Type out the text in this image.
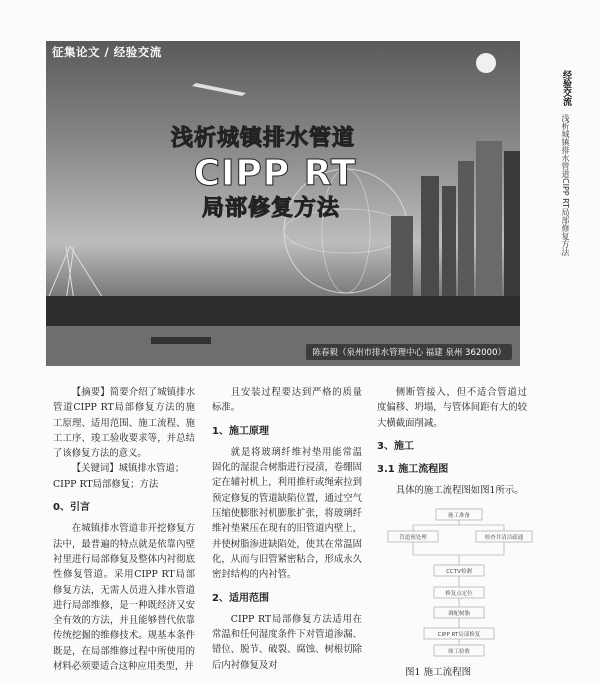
征集论文 / 经验交流
浅析城镇排水管道
CIPP RT
局部修复方法
陈春毅（泉州市排水管理中心 福建 泉州 362000）
经验交流
浅析城镇排水管道CIPP RT局部修复方法

【摘要】简要介绍了城镇排水管道CIPP RT局部修复方法的施工原理、适用范围、施工流程、施工工序、竣工验收要求等，并总结了该修复方法的意义。

【关键词】城镇排水管道；CIPP RT局部修复；方法

0、引言

在城镇排水管道非开挖修复方法中，最普遍的特点就是依靠內壁衬里进行局部修复及整体内衬彻底性修复管道。采用CIPP RT局部修复方法，无需人员进入排水管道进行局部维修，是一种既经济又安全有效的方法，并且能够替代依靠传统挖掘的维修技术。规基本条件既是，在局部维修过程中所使用的材料必须要适合这种应用类型，并

且安装过程要达到严格的质量标准。

1、施工原理

就是将玻璃纤维衬垫用能常温固化的湿混合树脂进行浸渍，卷绷固定在辅衬机上，利用推杆或绳索拉到预定修复的管道缺陷位置，通过空气压缩使膨胀衬机膨胀扩张，将玻璃纤维衬垫紧压在现有的旧管道内壁上，并使树脂渗进缺陷处，使其在常温固化，从而与旧管紧密粘合，形成永久密封结构的内衬管。

2、适用范围

CIPP RT局部修复方法适用在常温和任何湿度条件下对管道渗漏、错位、脱节、破裂、腐蚀、树根切除后内衬修复及对

侧断管接入，但不适合管道过度偏移、坍塌，与管体间距有大的较大横截面削减。

3、施工
3.1 施工流程图

具体的施工流程图如图1所示。

施工准备
管道预处理	检查井清洁疏通
CCTV检测
修复点定位
调配树脂
CIPP RT局部修复
竣工验收
图1 施工流程图
